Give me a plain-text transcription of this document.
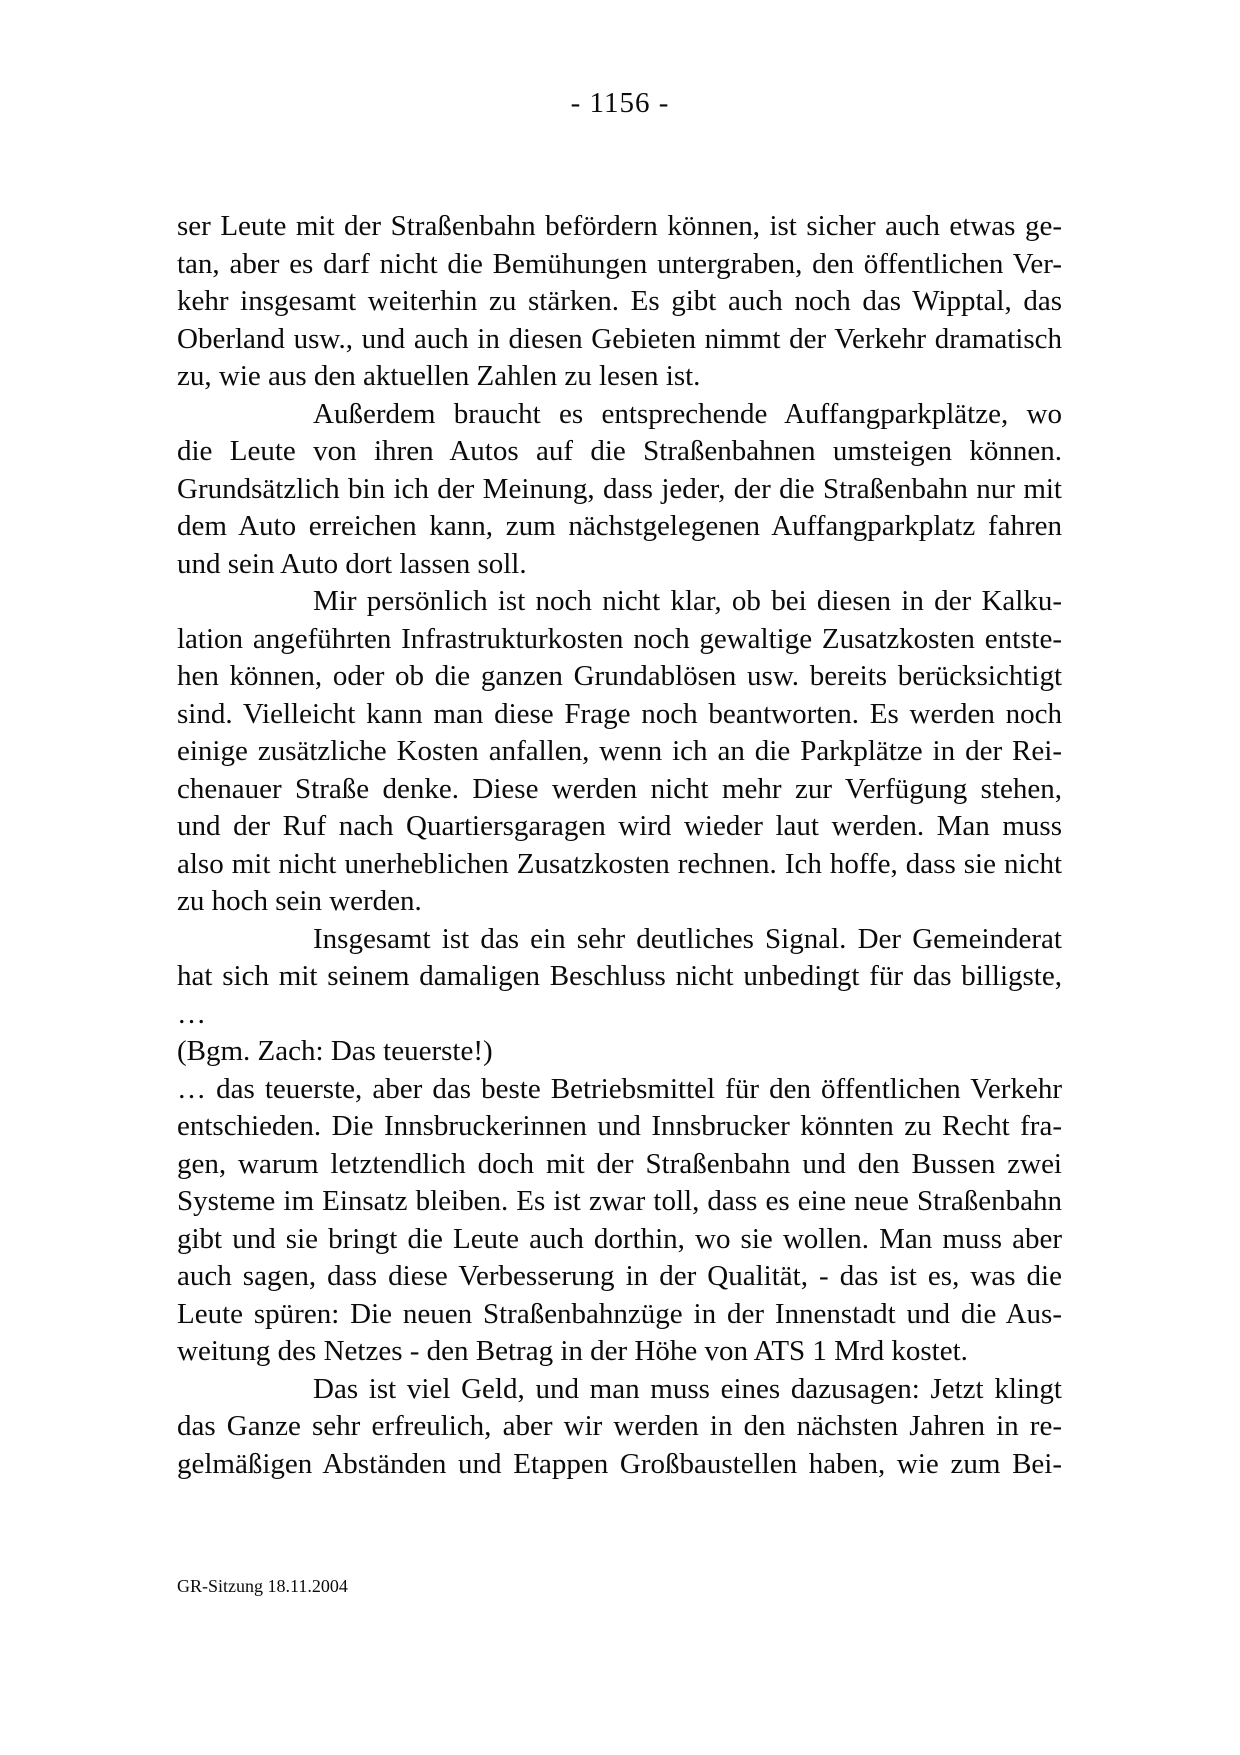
- 1156 -
ser Leute mit der Straßenbahn befördern können, ist sicher auch etwas ge-
tan, aber es darf nicht die Bemühungen untergraben, den öffentlichen Ver-
kehr insgesamt weiterhin zu stärken. Es gibt auch noch das Wipptal, das
Oberland usw., und auch in diesen Gebieten nimmt der Verkehr dramatisch
zu, wie aus den aktuellen Zahlen zu lesen ist.
Außerdem braucht es entsprechende Auffangparkplätze, wo
die Leute von ihren Autos auf die Straßenbahnen umsteigen können.
Grundsätzlich bin ich der Meinung, dass jeder, der die Straßenbahn nur mit
dem Auto erreichen kann, zum nächstgelegenen Auffangparkplatz fahren
und sein Auto dort lassen soll.
Mir persönlich ist noch nicht klar, ob bei diesen in der Kalku-
lation angeführten Infrastrukturkosten noch gewaltige Zusatzkosten entste-
hen können, oder ob die ganzen Grundablösen usw. bereits berücksichtigt
sind. Vielleicht kann man diese Frage noch beantworten. Es werden noch
einige zusätzliche Kosten anfallen, wenn ich an die Parkplätze in der Rei-
chenauer Straße denke. Diese werden nicht mehr zur Verfügung stehen,
und der Ruf nach Quartiersgaragen wird wieder laut werden. Man muss
also mit nicht unerheblichen Zusatzkosten rechnen. Ich hoffe, dass sie nicht
zu hoch sein werden.
Insgesamt ist das ein sehr deutliches Signal. Der Gemeinderat
hat sich mit seinem damaligen Beschluss nicht unbedingt für das billigste,
…
(Bgm. Zach: Das teuerste!)
… das teuerste, aber das beste Betriebsmittel für den öffentlichen Verkehr
entschieden. Die Innsbruckerinnen und Innsbrucker könnten zu Recht fra-
gen, warum letztendlich doch mit der Straßenbahn und den Bussen zwei
Systeme im Einsatz bleiben. Es ist zwar toll, dass es eine neue Straßenbahn
gibt und sie bringt die Leute auch dorthin, wo sie wollen. Man muss aber
auch sagen, dass diese Verbesserung in der Qualität, - das ist es, was die
Leute spüren: Die neuen Straßenbahnzüge in der Innenstadt und die Aus-
weitung des Netzes - den Betrag in der Höhe von ATS 1 Mrd kostet.
Das ist viel Geld, und man muss eines dazusagen: Jetzt klingt
das Ganze sehr erfreulich, aber wir werden in den nächsten Jahren in re-
gelmäßigen Abständen und Etappen Großbaustellen haben, wie zum Bei-
GR-Sitzung 18.11.2004
